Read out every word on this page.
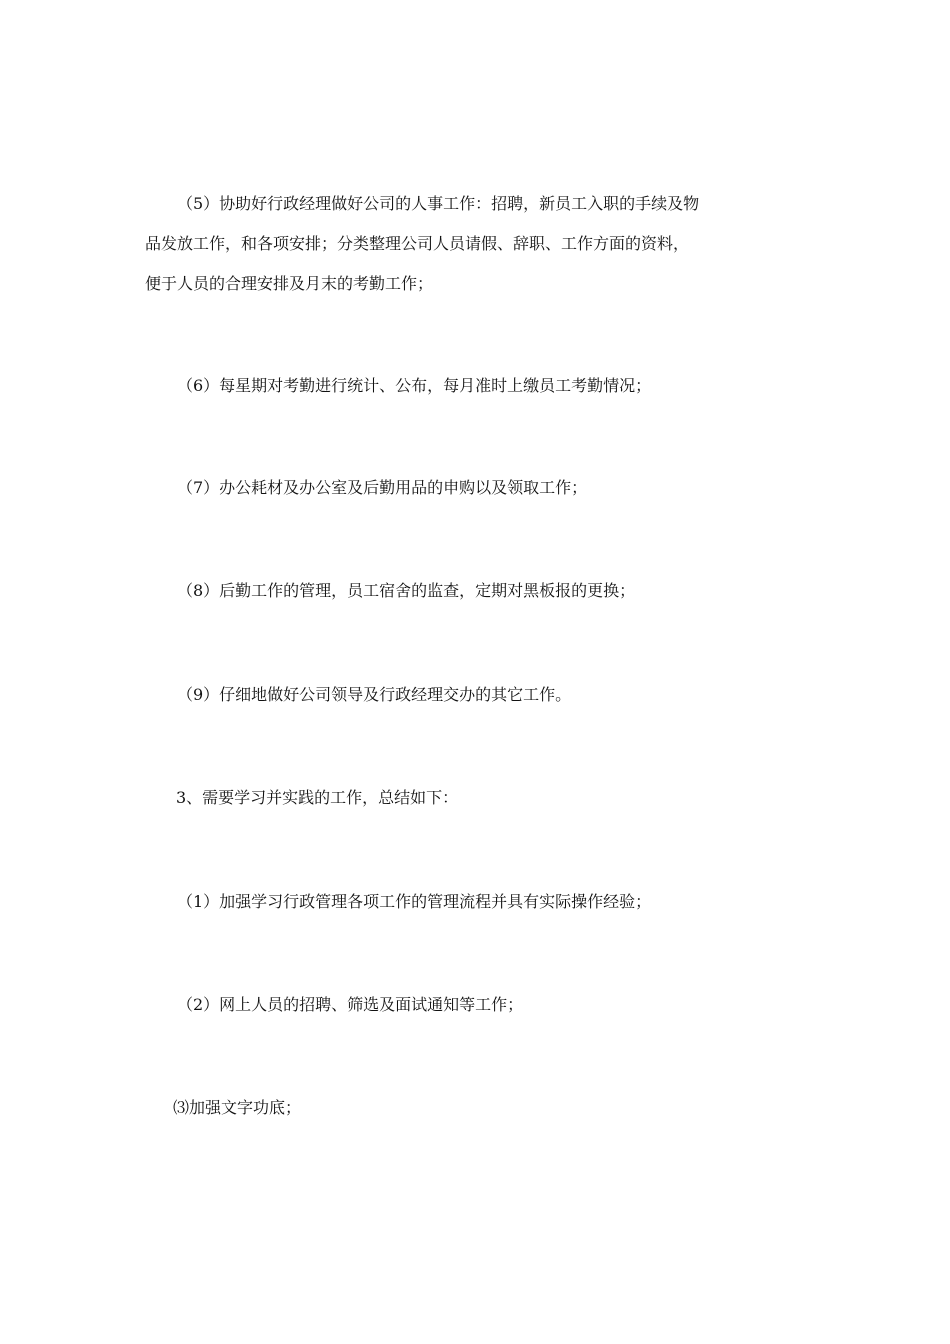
（5）协助好行政经理做好公司的人事工作：招聘，新员工入职的手续及物
品发放工作，和各项安排；分类整理公司人员请假、辞职、工作方面的资料，
便于人员的合理安排及月末的考勤工作；
（6）每星期对考勤进行统计、公布，每月准时上缴员工考勤情况；
（7）办公耗材及办公室及后勤用品的申购以及领取工作；
（8）后勤工作的管理，员工宿舍的监查，定期对黑板报的更换；
（9）仔细地做好公司领导及行政经理交办的其它工作。
3、需要学习并实践的工作，总结如下：
（1）加强学习行政管理各项工作的管理流程并具有实际操作经验；
（2）网上人员的招聘、筛选及面试通知等工作；
⑶加强文字功底；
